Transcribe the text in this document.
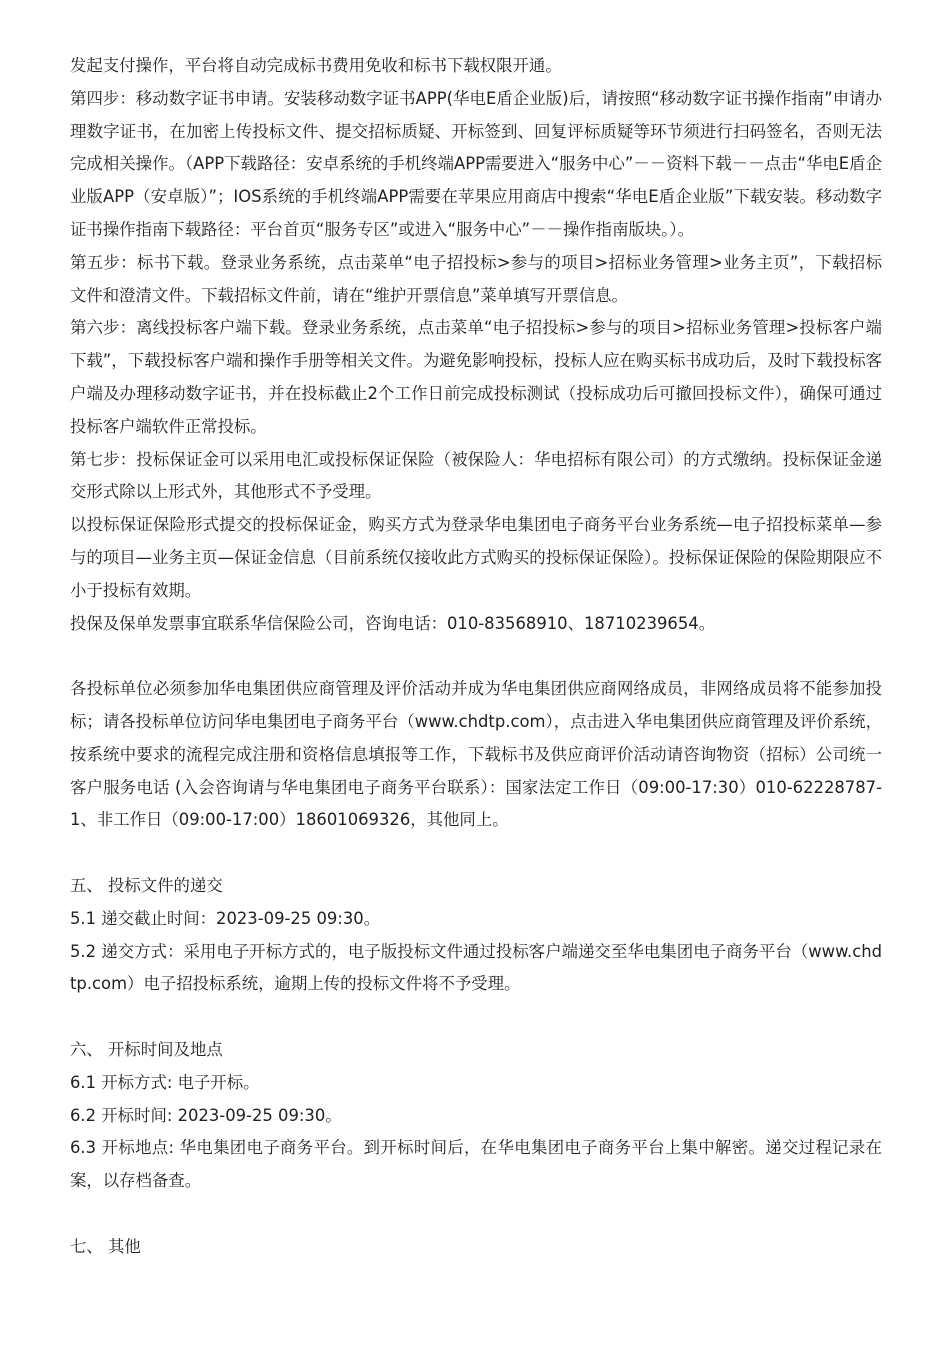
发起支付操作，平台将自动完成标书费用免收和标书下载权限开通。

第四步：移动数字证书申请。安装移动数字证书APP(华电E盾企业版)后，请按照“移动数字证书操作指南”申请办理数字证书，在加密上传投标文件、提交招标质疑、开标签到、回复评标质疑等环节须进行扫码签名，否则无法完成相关操作。（APP下载路径：安卓系统的手机终端APP需要进入“服务中心”－－资料下载－－点击“华电E盾企业版APP（安卓版）”；IOS系统的手机终端APP需要在苹果应用商店中搜索“华电E盾企业版”下载安装。移动数字证书操作指南下载路径：平台首页“服务专区”或进入“服务中心”－－操作指南版块。）。

第五步：标书下载。登录业务系统，点击菜单“电子招投标>参与的项目>招标业务管理>业务主页”，下载招标文件和澄清文件。下载招标文件前，请在“维护开票信息”菜单填写开票信息。

第六步：离线投标客户端下载。登录业务系统，点击菜单“电子招投标>参与的项目>招标业务管理>投标客户端下载”，下载投标客户端和操作手册等相关文件。为避免影响投标，投标人应在购买标书成功后，及时下载投标客户端及办理移动数字证书，并在投标截止2个工作日前完成投标测试（投标成功后可撤回投标文件），确保可通过投标客户端软件正常投标。

第七步：投标保证金可以采用电汇或投标保证保险（被保险人：华电招标有限公司）的方式缴纳。投标保证金递交形式除以上形式外，其他形式不予受理。

以投标保证保险形式提交的投标保证金，购买方式为登录华电集团电子商务平台业务系统—电子招投标菜单—参与的项目—业务主页—保证金信息（目前系统仅接收此方式购买的投标保证保险）。投标保证保险的保险期限应不小于投标有效期。

投保及保单发票事宜联系华信保险公司，咨询电话：010-83568910、18710239654。

各投标单位必须参加华电集团供应商管理及评价活动并成为华电集团供应商网络成员，非网络成员将不能参加投标；请各投标单位访问华电集团电子商务平台（www.chdtp.com），点击进入华电集团供应商管理及评价系统，按系统中要求的流程完成注册和资格信息填报等工作，下载标书及供应商评价活动请咨询物资（招标）公司统一客户服务电话 (入会咨询请与华电集团电子商务平台联系）：国家法定工作日（09:00-17:30）010-62228787-1、非工作日（09:00-17:00）18601069326，其他同上。

五、 投标文件的递交

5.1 递交截止时间：2023-09-25 09:30。

5.2 递交方式：采用电子开标方式的，电子版投标文件通过投标客户端递交至华电集团电子商务平台（www.chdtp.com）电子招投标系统，逾期上传的投标文件将不予受理。

六、 开标时间及地点

6.1 开标方式: 电子开标。

6.2 开标时间: 2023-09-25 09:30。

6.3 开标地点: 华电集团电子商务平台。到开标时间后，在华电集团电子商务平台上集中解密。递交过程记录在案，以存档备查。

七、 其他
